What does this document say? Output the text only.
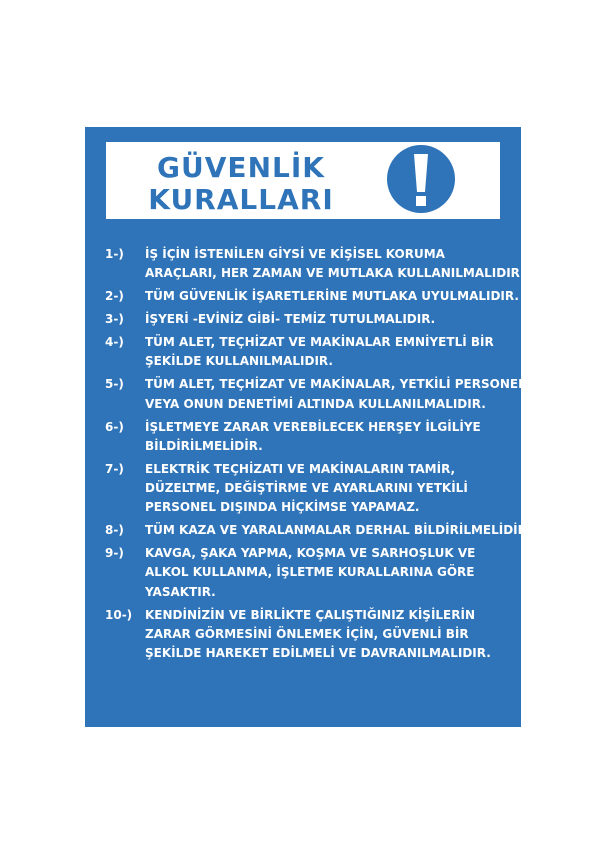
GÜVENLİK
KURALLARI
1-)	İŞ İÇİN İSTENİLEN GİYSİ VE KİŞİSEL KORUMA
ARAÇLARI, HER ZAMAN VE MUTLAKA KULLANILMALIDIR.
2-)	TÜM GÜVENLİK İŞARETLERİNE MUTLAKA UYULMALIDIR.
3-)	İŞYERİ -EVİNİZ GİBİ- TEMİZ TUTULMALIDIR.
4-)	TÜM ALET, TEÇHİZAT VE MAKİNALAR EMNİYETLİ BİR
ŞEKİLDE KULLANILMALIDIR.
5-)	TÜM ALET, TEÇHİZAT VE MAKİNALAR, YETKİLİ PERSONEL
VEYA ONUN DENETİMİ ALTINDA KULLANILMALIDIR.
6-)	İŞLETMEYE ZARAR VEREBİLECEK HERŞEY İLGİLİYE
BİLDİRİLMELİDİR.
7-)	ELEKTRİK TEÇHİZATI VE MAKİNALARIN TAMİR,
DÜZELTME, DEĞİŞTİRME VE AYARLARINI YETKİLİ
PERSONEL DIŞINDA HİÇKİMSE YAPAMAZ.
8-)	TÜM KAZA VE YARALANMALAR DERHAL BİLDİRİLMELİDİR.
9-)	KAVGA, ŞAKA YAPMA, KOŞMA VE SARHOŞLUK VE
ALKOL KULLANMA, İŞLETME KURALLARINA GÖRE
YASAKTIR.
10-)	KENDİNİZİN VE BİRLİKTE ÇALIŞTIĞINIZ KİŞİLERİN
ZARAR GÖRMESİNİ ÖNLEMEK İÇİN, GÜVENLİ BİR
ŞEKİLDE HAREKET EDİLMELİ VE DAVRANILMALIDIR.
